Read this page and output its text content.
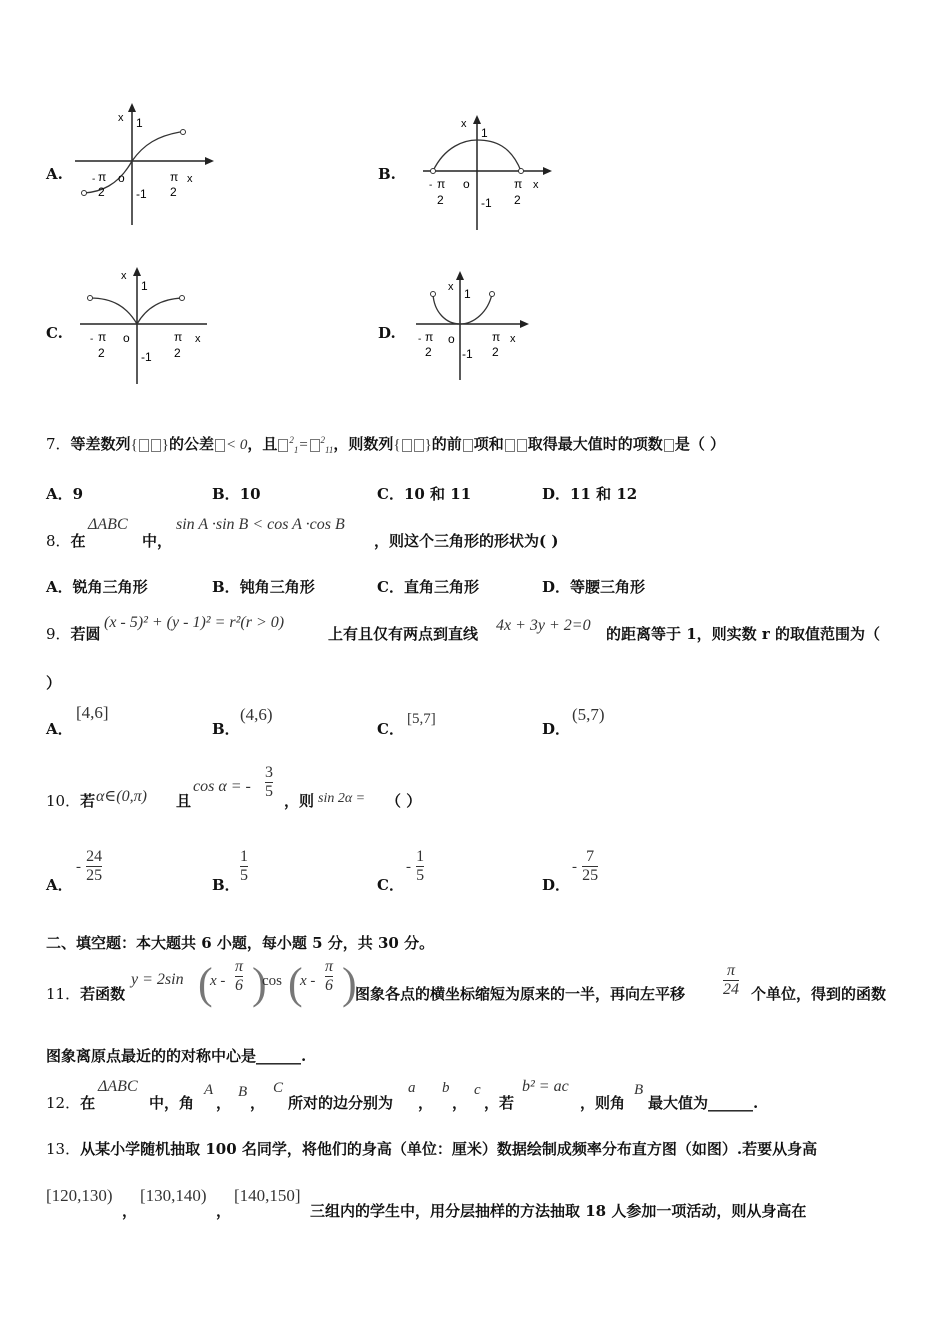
A.
x 1
-1
o	x
- π
2
π
2
B.
x
1
-1
o	x
- π
2
π
2
C.
x
1
-1
o	x
- π
2
π
2
D.
x 1
-1
o	x
- π
2
π
2
7．等差数列{ }的公差 < 0，且 $^2_1$= $^2_{11}$，则数列{ }的前 项和 取得最大值时的项数 是（ ）
A．9	B．10	C．10 和 11	D．11 和 12
8．在
ΔABC
中，
sin A ·sin B < cos A ·cos B
，则这个三角形的形状为( )
A．锐角三角形	B．钝角三角形	C．直角三角形	D．等腰三角形
9．若圆
(x - 5)² + (y - 1)² = r²(r > 0)
上有且仅有两点到直线 4x + 3y + 2=0 的距离等于 1，则实数 r 的取值范围为（
）
A．
[4,6]
B．
(4,6)
C．
[5,7]
D．
(5,7)
10．若 α∈(0,π) 且
cos α = - $\frac{3}{5}$ ，则 sin 2α = （ ）
A．
- $\frac{24}{25}$	B． $\frac{1}{5}$	C．
- $\frac{1}{5}$	D．
- $\frac{7}{25}$
二、填空题：本大题共 6 小题，每小题 5 分，共 30 分。
11．若函数
y = 2sin (
x - $\frac{\pi}{6}$ )
cos (
x - $\frac{\pi}{6}$ )
图象各点的横坐标缩短为原来的一半，再向左平移 $\frac{\pi}{24}$ 个单位，得到的函数
图象离原点最近的的对称中心是______.
12．在
ΔABC
中，角
A
，
B
，
C
所对的边分别为
a
，
b
，
c
，若
b² = ac
，则角
B
最大值为______.
13．从某小学随机抽取 100 名同学，将他们的身高（单位：厘米）数据绘制成频率分布直方图（如图）.若要从身高
[120,130)
，
[130,140)
，
[140,150]
三组内的学生中，用分层抽样的方法抽取 18 人参加一项活动，则从身高在
